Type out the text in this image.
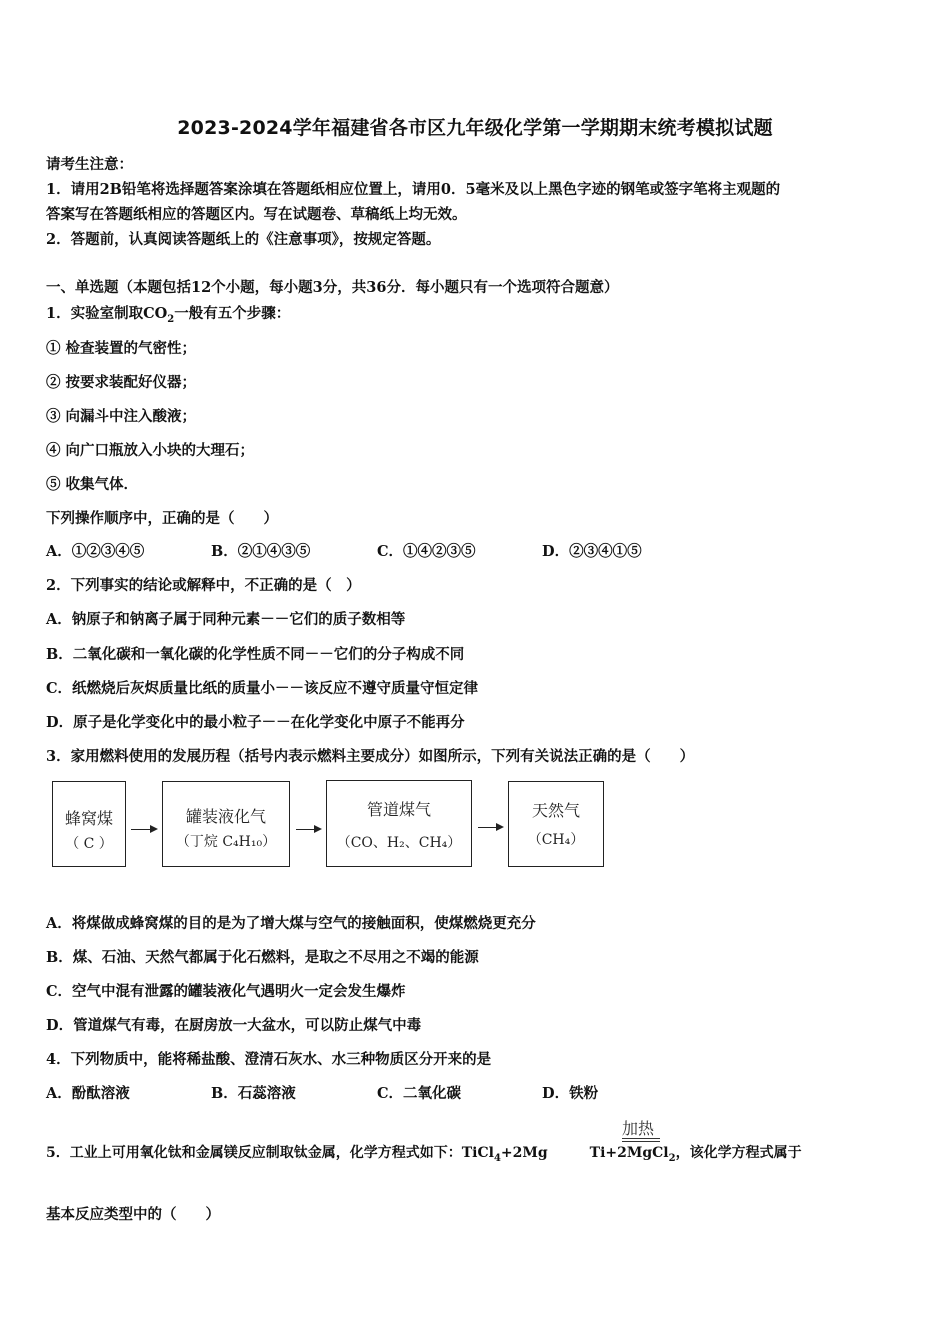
2023-2024学年福建省各市区九年级化学第一学期期末统考模拟试题
请考生注意：
1．请用2B铅笔将选择题答案涂填在答题纸相应位置上，请用0．5毫米及以上黑色字迹的钢笔或签字笔将主观题的
答案写在答题纸相应的答题区内。写在试题卷、草稿纸上均无效。
2．答题前，认真阅读答题纸上的《注意事项》，按规定答题。
一、单选题（本题包括12个小题，每小题3分，共36分．每小题只有一个选项符合题意）
1．实验室制取$CO_2$一般有五个步骤：
① 检查装置的气密性；
② 按要求装配好仪器；
③ 向漏斗中注入酸液；
④ 向广口瓶放入小块的大理石；
⑤ 收集气体．
下列操作顺序中，正确的是（　　）
A．①②③④⑤	B．②①④③⑤	C．①④②③⑤	D．②③④①⑤
2．下列事实的结论或解释中，不正确的是（　）
A．钠原子和钠离子属于同种元素－－它们的质子数相等
B．二氧化碳和一氧化碳的化学性质不同－－它们的分子构成不同
C．纸燃烧后灰烬质量比纸的质量小－－该反应不遵守质量守恒定律
D．原子是化学变化中的最小粒子－－在化学变化中原子不能再分
3．家用燃料使用的发展历程（括号内表示燃料主要成分）如图所示，下列有关说法正确的是（　　）
蜂窝煤
（ C ）
罐装液化气
（丁烷 C₄H₁₀）
管道煤气
（CO、H₂、CH₄）
天然气
（CH₄）
A．将煤做成蜂窝煤的目的是为了增大煤与空气的接触面积，使煤燃烧更充分
B．煤、石油、天然气都属于化石燃料，是取之不尽用之不竭的能源
C．空气中混有泄露的罐装液化气遇明火一定会发生爆炸
D．管道煤气有毒，在厨房放一大盆水，可以防止煤气中毒
4．下列物质中，能将稀盐酸、澄清石灰水、水三种物质区分开来的是
A．酚酞溶液	B．石蕊溶液	C．二氧化碳	D．铁粉
加热
5．工业上可用氧化钛和金属镁反应制取钛金属，化学方程式如下：TiCl$_4$+2Mg	Ti+2MgCl$_2$，该化学方程式属于
基本反应类型中的（　　）
